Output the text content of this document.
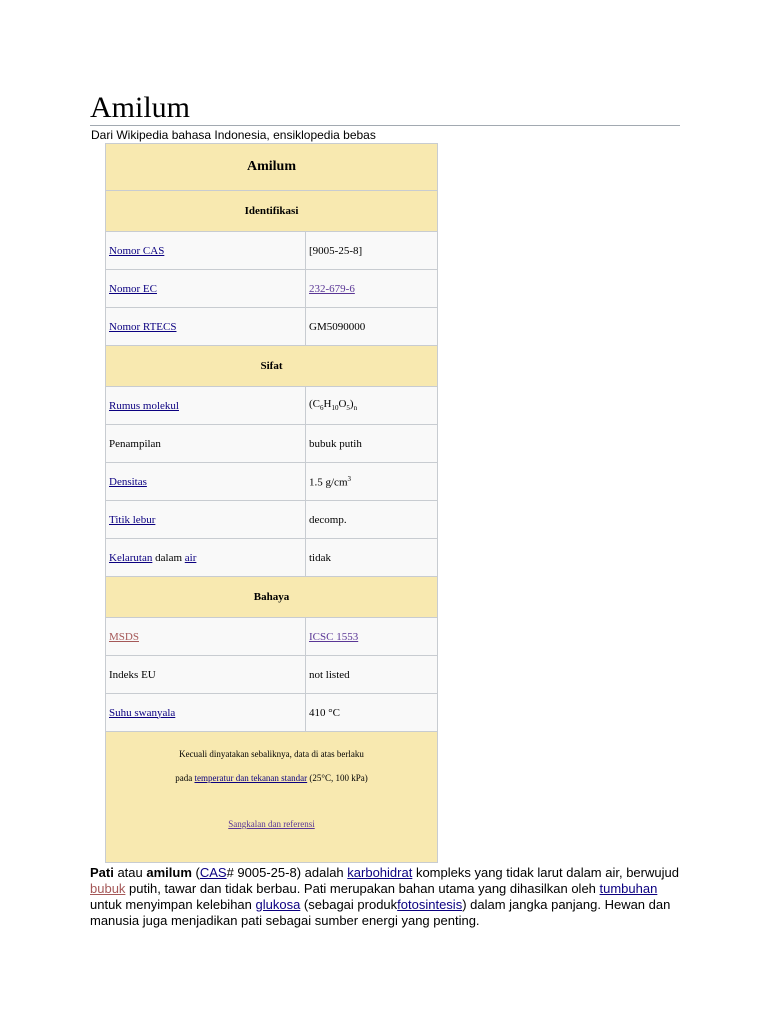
Amilum
Dari Wikipedia bahasa Indonesia, ensiklopedia bebas
Amilum	
Identifikasi	
Nomor CAS	[9005-25-8]
Nomor EC	232-679-6
Nomor RTECS	GM5090000
Sifat	
Rumus molekul	$(C_6H_{10}O_5)_n$
Penampilan	bubuk putih
Densitas	1.5 $g/cm^3$
Titik lebur	decomp.
Kelarutan dalam air	tidak
Bahaya	
MSDS	ICSC 1553
Indeks EU	not listed
Suhu swanyala	410 °C

Kecuali dinyatakan sebaliknya, data di atas berlaku
pada temperatur dan tekanan standar (25°C, 100 kPa)
Sangkalan dan referensi	

Pati atau amilum (CAS# 9005-25-8) adalah karbohidrat kompleks yang tidak larut dalam air, berwujud bubuk putih, tawar dan tidak berbau. Pati merupakan bahan utama yang dihasilkan oleh tumbuhan untuk menyimpan kelebihan glukosa (sebagai produkfotosintesis) dalam jangka panjang. Hewan dan manusia juga menjadikan pati sebagai sumber energi yang penting.
